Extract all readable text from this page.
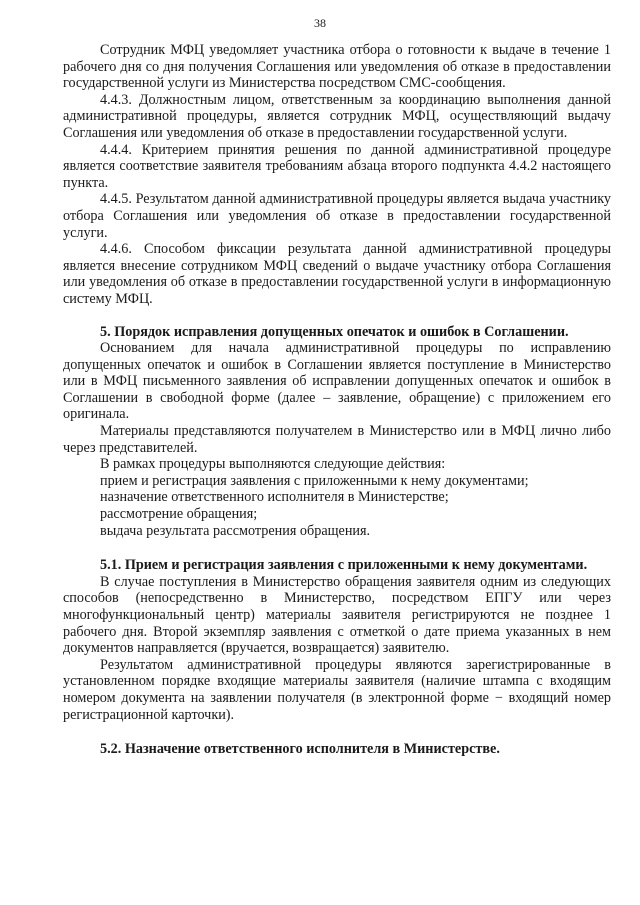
38

Сотрудник МФЦ уведомляет участника отбора о готовности к выдаче в течение 1 рабочего дня со дня получения Соглашения или уведомления об отказе в предоставлении государственной услуги из Министерства посредством СМС-сообщения.

4.4.3. Должностным лицом, ответственным за координацию выполнения данной административной процедуры, является сотрудник МФЦ, осуществляющий выдачу Соглашения или уведомления об отказе в предоставлении государственной услуги.

4.4.4. Критерием принятия решения по данной административной процедуре является соответствие заявителя требованиям абзаца второго подпункта 4.4.2 настоящего пункта.

4.4.5. Результатом данной административной процедуры является выдача участнику отбора Соглашения или уведомления об отказе в предоставлении государственной услуги.

4.4.6. Способом фиксации результата данной административной процедуры является внесение сотрудником МФЦ сведений о выдаче участнику отбора Соглашения или уведомления об отказе в предоставлении государственной услуги в информационную систему МФЦ.

5. Порядок исправления допущенных опечаток и ошибок в Соглашении.

Основанием для начала административной процедуры по исправлению допущенных опечаток и ошибок в Соглашении является поступление в Министерство или в МФЦ письменного заявления об исправлении допущенных опечаток и ошибок в Соглашении в свободной форме (далее – заявление, обращение) с приложением его оригинала.

Материалы представляются получателем в Министерство или в МФЦ лично либо через представителей.

В рамках процедуры выполняются следующие действия:

прием и регистрация заявления с приложенными к нему документами;

назначение ответственного исполнителя в Министерстве;

рассмотрение обращения;

выдача результата рассмотрения обращения.

5.1. Прием и регистрация заявления с приложенными к нему документами.

В случае поступления в Министерство обращения заявителя одним из следующих способов (непосредственно в Министерство, посредством ЕПГУ или через многофункциональный центр) материалы заявителя регистрируются не позднее 1 рабочего дня. Второй экземпляр заявления с отметкой о дате приема указанных в нем документов направляется (вручается, возвращается) заявителю.

Результатом административной процедуры являются зарегистрированные в установленном порядке входящие материалы заявителя (наличие штампа с входящим номером документа на заявлении получателя (в электронной форме − входящий номер регистрационной карточки).

5.2. Назначение ответственного исполнителя в Министерстве.
